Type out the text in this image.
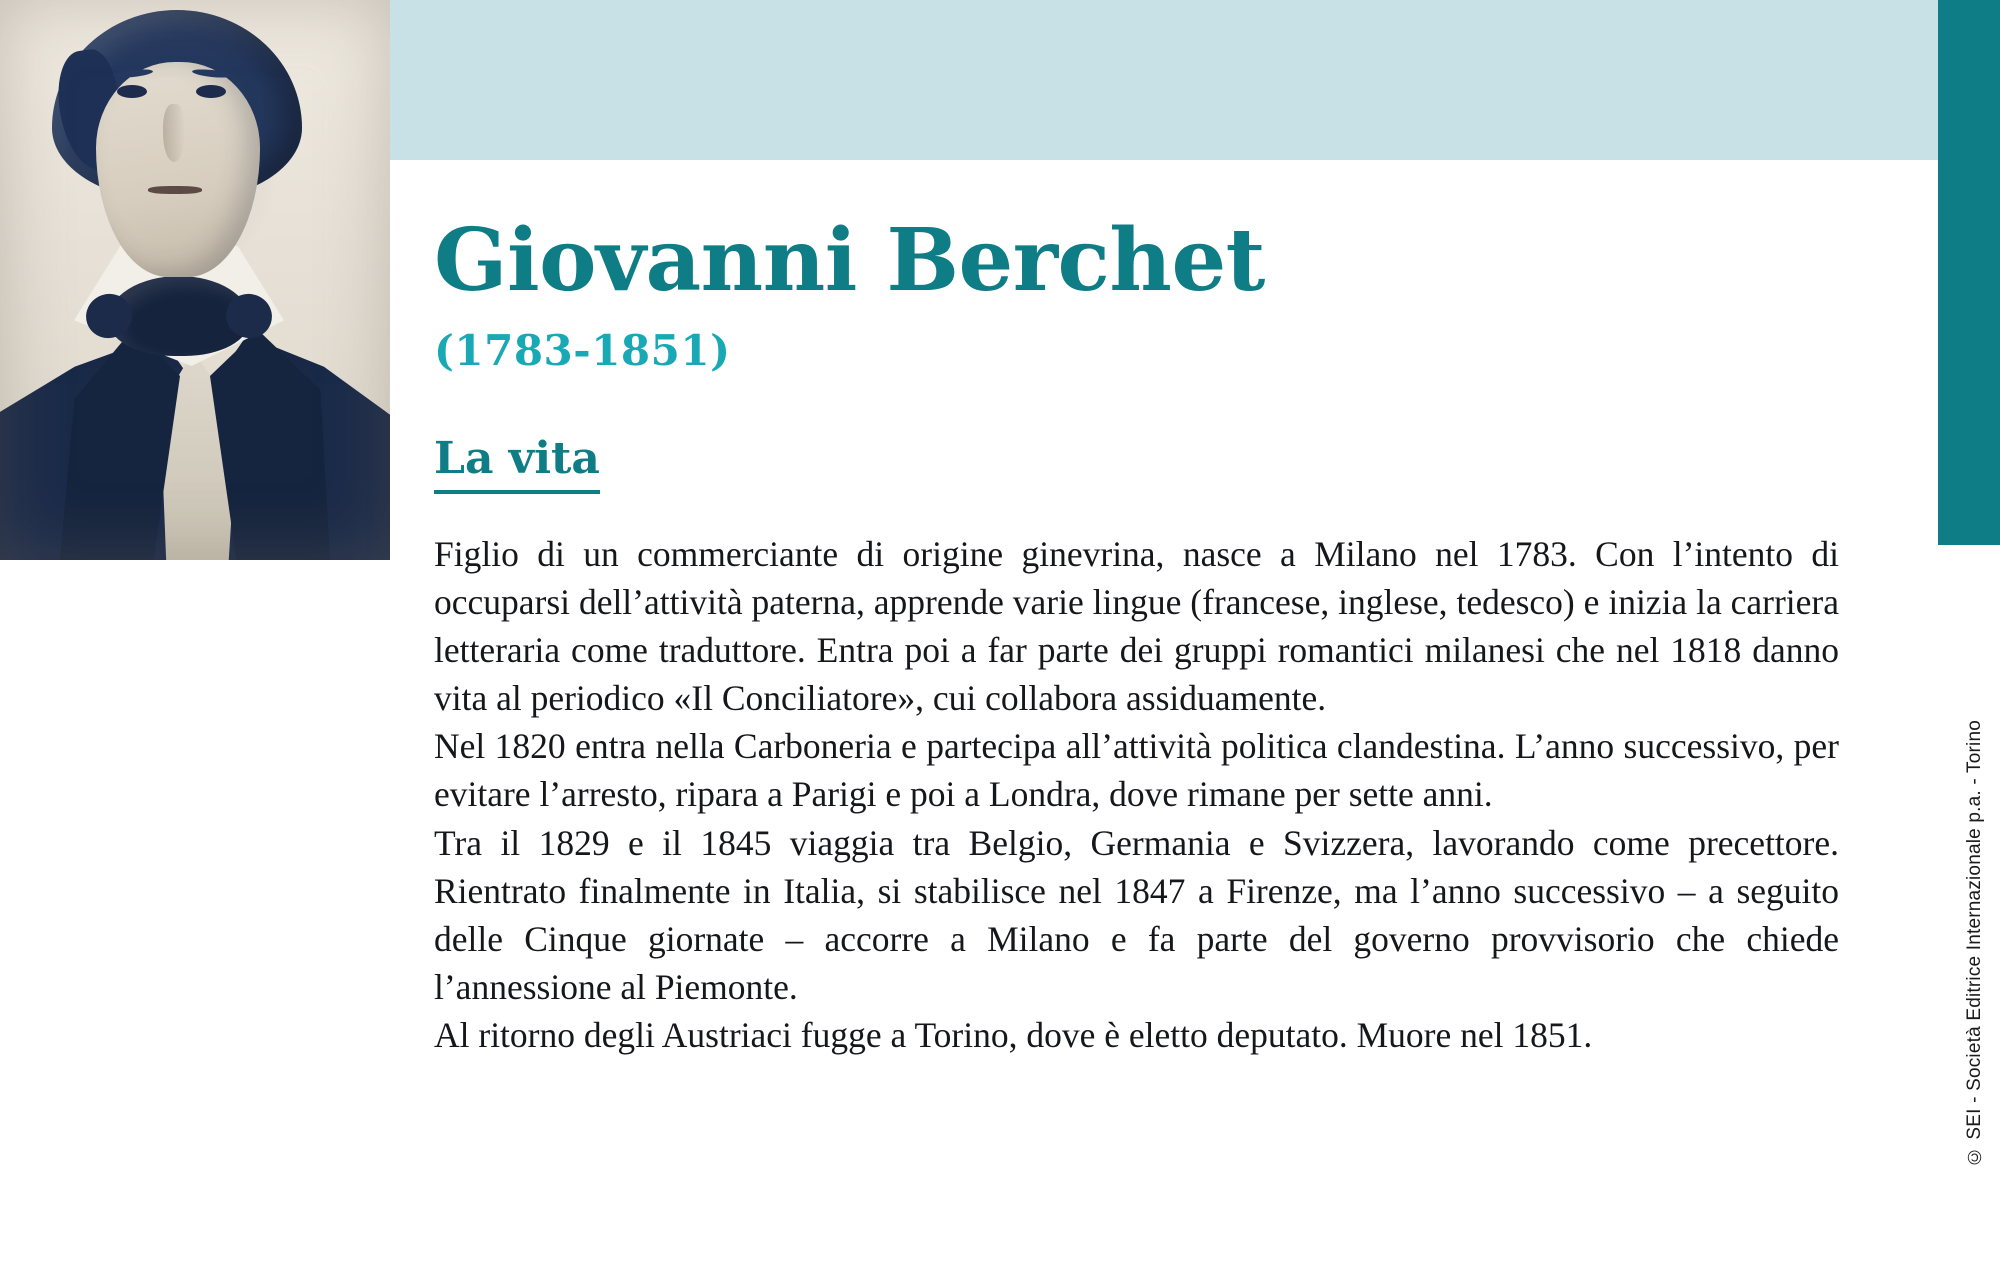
Giovanni Berchet
(1783-1851)
La vita

Figlio di un commerciante di origine ginevrina, nasce a Milano nel 1783. Con l’intento di occuparsi dell’attività paterna, apprende varie lingue (francese, inglese, tedesco) e inizia la carriera letteraria come traduttore. Entra poi a far parte dei gruppi romantici milanesi che nel 1818 danno vita al periodico «Il Conciliatore», cui collabora assiduamente.

Nel 1820 entra nella Carboneria e partecipa all’attività politica clandestina. L’anno successivo, per evitare l’arresto, ripara a Parigi e poi a Londra, dove rimane per sette anni.

Tra il 1829 e il 1845 viaggia tra Belgio, Germania e Svizzera, lavorando come precettore. Rientrato finalmente in Italia, si stabilisce nel 1847 a Firenze, ma l’anno successivo – a seguito delle Cinque giornate – accorre a Milano e fa parte del governo provvisorio che chiede l’annessione al Piemonte.

Al ritorno degli Austriaci fugge a Torino, dove è eletto deputato. Muore nel 1851.	© SEI - Società Editrice Internazionale p.a. - Torino
